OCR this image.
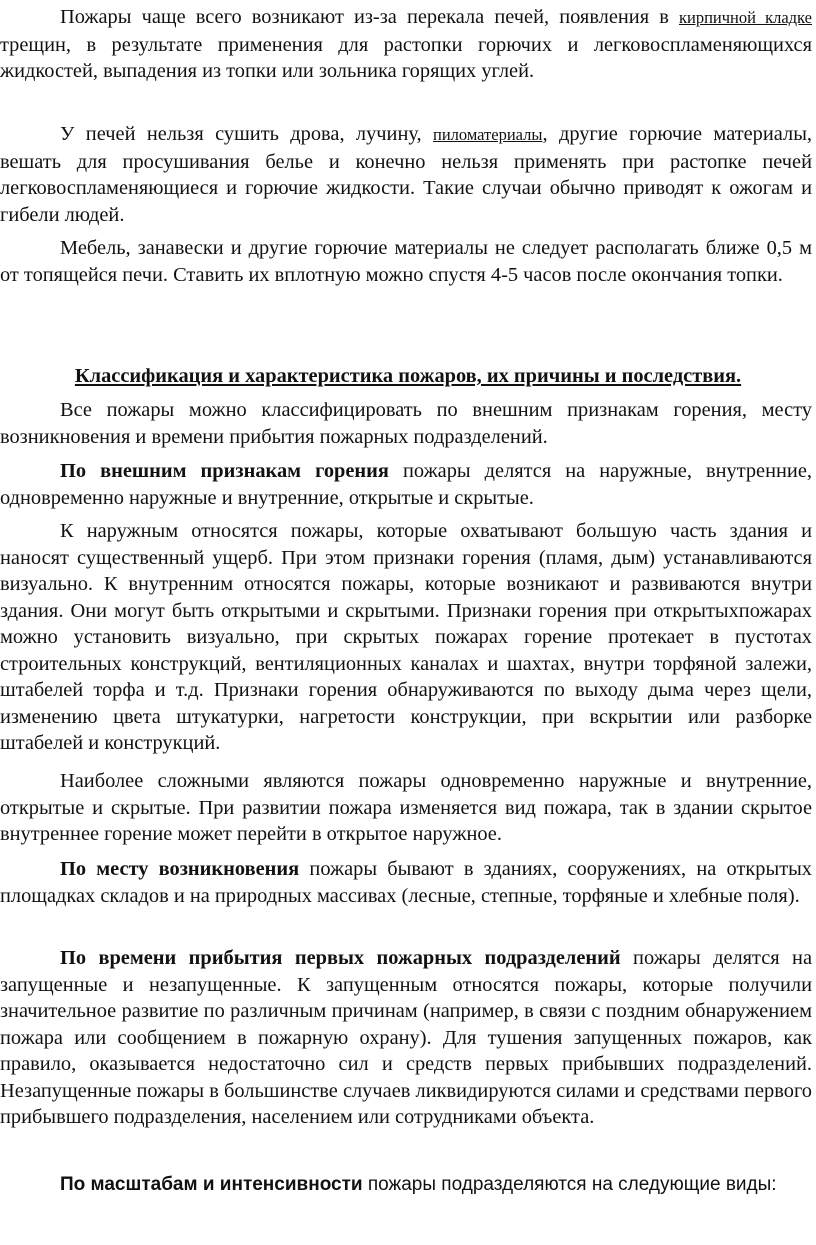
Пожары чаще всего возникают из-за перекала печей, появления в кирпичной кладке трещин, в результате применения для растопки горючих и легковоспламеняющихся жидкостей, выпадения из топки или зольника горящих углей.

У печей нельзя сушить дрова, лучину, пиломатериалы, другие горючие материалы, вешать для просушивания белье и конечно нельзя применять при растопке печей легковоспламеняющиеся и горючие жидкости. Такие случаи обычно приводят к ожогам и гибели людей.

Мебель, занавески и другие горючие материалы не следует располагать ближе 0,5 м от топящейся печи. Ставить их вплотную можно спустя 4-5 часов после окончания топки.

Классификация и характеристика пожаров, их причины и последствия.

Все пожары можно классифицировать по внешним признакам горения, месту возникновения и времени прибытия пожарных подразделений.

По внешним признакам горения пожары делятся на наружные, внутренние, одновременно наружные и внутренние, открытые и скрытые.

К наружным относятся пожары, которые охватывают большую часть здания и наносят существенный ущерб. При этом признаки горения (пламя, дым) устанавливаются визуально. К внутренним относятся пожары, которые возникают и развиваются внутри здания. Они могут быть открытыми и скрытыми. Признаки горения при открытыхпожарах можно установить визуально, при скрытых пожарах горение протекает в пустотах строительных конструкций, вентиляционных каналах и шахтах, внутри торфяной залежи, штабелей торфа и т.д. Признаки горения обнаруживаются по выходу дыма через щели, изменению цвета штукатурки, нагретости конструкции, при вскрытии или разборке штабелей и конструкций.

Наиболее сложными являются пожары одновременно наружные и внутренние, открытые и скрытые. При развитии пожара изменяется вид пожара, так в здании скрытое внутреннее горение может перейти в открытое наружное.

По месту возникновения пожары бывают в зданиях, сооружениях, на открытых площадках складов и на природных массивах (лесные, степные, торфяные и хлебные поля).

По времени прибытия первых пожарных подразделений пожары делятся на запущенные и незапущенные. К запущенным относятся пожары, которые получили значительное развитие по различным причинам (например, в связи с поздним обнаружением пожара или сообщением в пожарную охрану). Для тушения запущенных пожаров, как правило, оказывается недостаточно сил и средств первых прибывших подразделений. Незапущенные пожары в большинстве случаев ликвидируются силами и средствами первого прибывшего подразделения, населением или сотрудниками объекта.

По масштабам и интенсивности пожары подразделяются на следующие виды:
